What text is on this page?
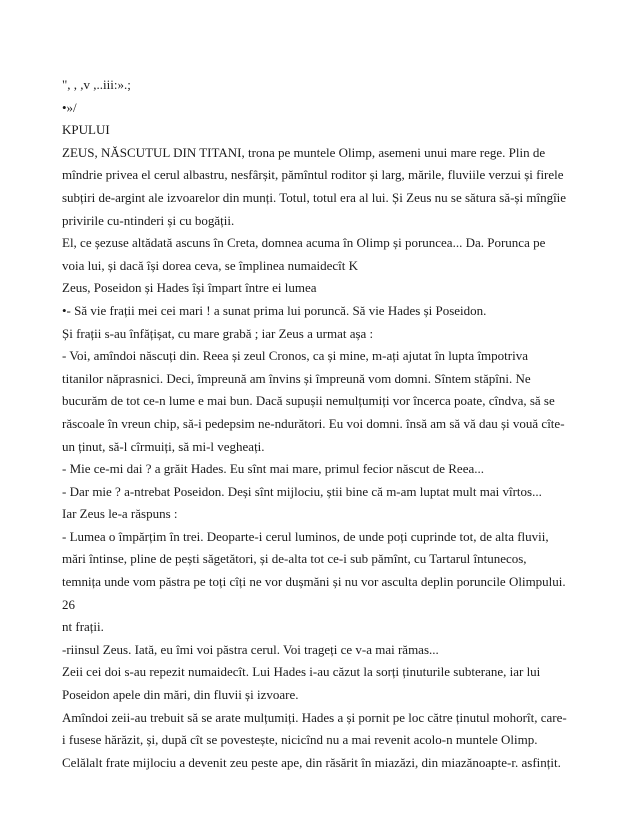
", , ,v ,..iii:».;
•»/
KPULUI
ZEUS, NĂSCUTUL DIN TITANI, trona pe muntele Olimp, asemeni unui mare rege. Plin de
mîndrie privea el cerul albastru, nesfârșit, pămîntul roditor și larg, mările, fluviile verzui și firele
subțiri de-argint ale izvoarelor din munți. Totul, totul era al lui. Și Zeus nu se sătura să-și mîngîie
privirile cu-ntinderi și cu bogății.
El, ce șezuse altădată ascuns în Creta, domnea acuma în Olimp și poruncea... Da. Porunca pe
voia lui, și dacă își dorea ceva, se împlinea numaidecît K
Zeus, Poseidon și Hades își împart între ei lumea
•- Să vie frații mei cei mari ! a sunat prima lui poruncă. Să vie Hades și Poseidon.
Și frații s-au înfățișat, cu mare grabă ; iar Zeus a urmat așa :
- Voi, amîndoi născuți din. Reea și zeul Cronos, ca și mine, m-ați ajutat în lupta împotriva
titanilor năprasnici. Deci, împreună am învins și împreună vom domni. Sîntem stăpîni. Ne
bucurăm de tot ce-n lume e mai bun. Dacă supușii nemulțumiți vor încerca poate, cîndva, să se
răscoale în vreun chip, să-i pedepsim ne-ndurători. Eu voi domni. însă am să vă dau și vouă cîte-
un ținut, să-l cîrmuiți, să mi-l vegheați.
- Mie ce-mi dai ? a grăit Hades. Eu sînt mai mare, primul fecior născut de Reea...
- Dar mie ? a-ntrebat Poseidon. Deși sînt mijlociu, știi bine că m-am luptat mult mai vîrtos...
Iar Zeus le-a răspuns :
- Lumea o împărțim în trei. Deoparte-i cerul luminos, de unde poți cuprinde tot, de alta fluvii,
mări întinse, pline de pești săgetători, și de-alta tot ce-i sub pămînt, cu Tartarul întunecos,
temnița unde vom păstra pe toți cîți ne vor dușmăni și nu vor asculta deplin poruncile Olimpului.
26
nt frații.
-riinsul Zeus. Iată, eu îmi voi păstra cerul. Voi trageți ce v-a mai rămas...
Zeii cei doi s-au repezit numaidecît. Lui Hades i-au căzut la sorți ținuturile subterane, iar lui
Poseidon apele din mări, din fluvii și izvoare.
Amîndoi zeii-au trebuit să se arate mulțumiți. Hades a și pornit pe loc către ținutul mohorît, care-
i fusese hărăzit, și, după cît se povestește, nicicînd nu a mai revenit acolo-n muntele Olimp.
Celălalt frate mijlociu a devenit zeu peste ape, din răsărit în miazăzi, din miazănoapte-r. asfințit.
